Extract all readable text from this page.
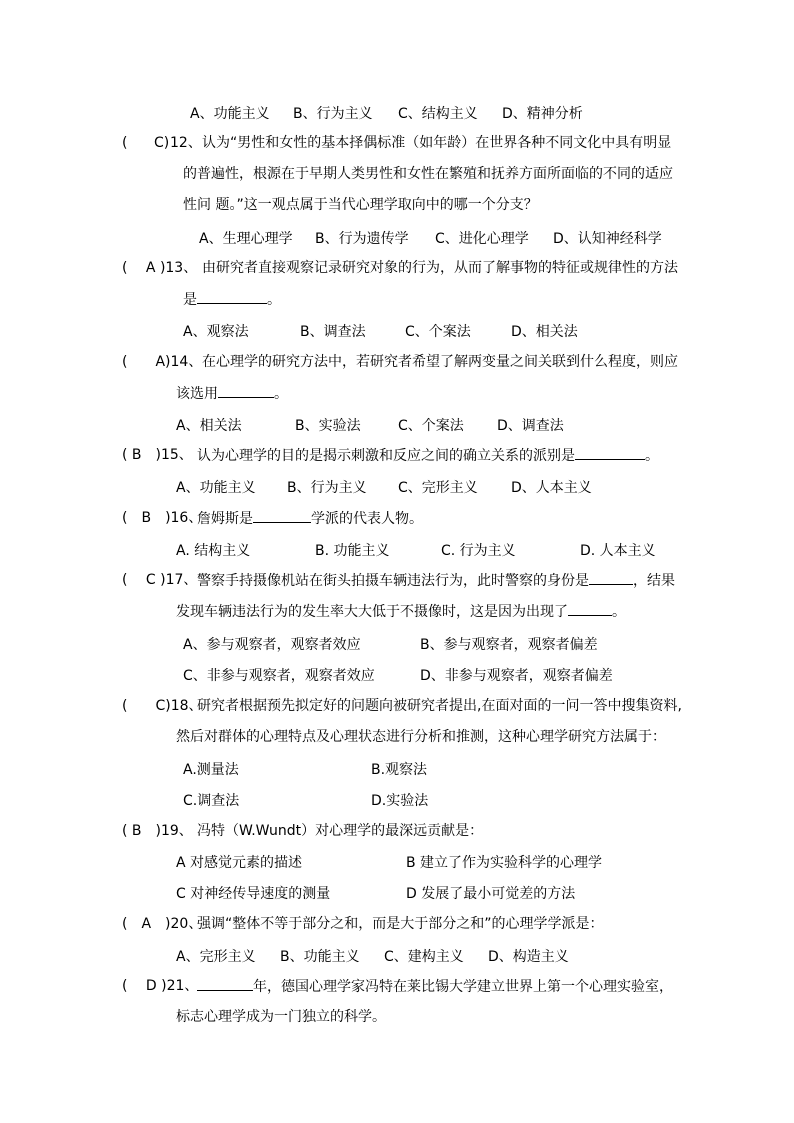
A、功能主义 B、行为主义 C、结构主义 D、精神分析
( C) 12、 认为“男性和女性的基本择偶标准（如年龄）在世界各种不同文化中具有明显
的普遍性，根源在于早期人类男性和女性在繁殖和抚养方面所面临的不同的适应
性问 题。”这一观点属于当代心理学取向中的哪一个分支？
A、生理心理学 B、行为遗传学 C、进化心理学 D、认知神经科学
(　 A )13、 由研究者直接观察记录研究对象的行为，从而了解事物的特征或规律性的方法
是	。
A、观察法	B、调查法	C、个案法	D、相关法
(　　A)14、 在心理学的研究方法中，若研究者希望了解两变量之间关联到什么程度，则应
该选用	。
A、相关法	B、实验法	C、个案法 D、调查法
( B　)15、 认为心理学的目的是揭示刺激和反应之间的确立关系的派别是	。
A、功能主义 B、行为主义 C、完形主义 D、人本主义
(　B　)16、
詹姆斯是	学派的代表人物。
A. 结构主义	B. 功能主义	C. 行为主义	D. 人本主义
(　 C )17、 警察手持摄像机站在街头拍摄车辆违法行为，此时警察的身份是	，结果
发现车辆违法行为的发生率大大低于不摄像时，这是因为出现了	。
A、参与观察者，观察者效应	B、参与观察者，观察者偏差
C、非参与观察者，观察者效应	D、非参与观察者，观察者偏差
(　　C)18、
研究者根据预先拟定好的问题向被研究者提出,在面对面的一问一答中搜集资料,
然后对群体的心理特点及心理状态进行分析和推测，这种心理学研究方法属于：
A.测量法	B.观察法
C.调查法	D.实验法
( B　)19、 冯特（W.Wundt）对心理学的最深远贡献是：
A 对感觉元素的描述	B 建立了作为实验科学的心理学
C 对神经传导速度的测量	D 发展了最小可觉差的方法
(　A　)20、
强调“整体不等于部分之和，而是大于部分之和”的心理学学派是：
A、完形主义 B、功能主义 C、建构主义 D、构造主义
(　 D )21、	年，德国心理学家冯特在莱比锡大学建立世界上第一个心理实验室，
标志心理学成为一门独立的科学。
